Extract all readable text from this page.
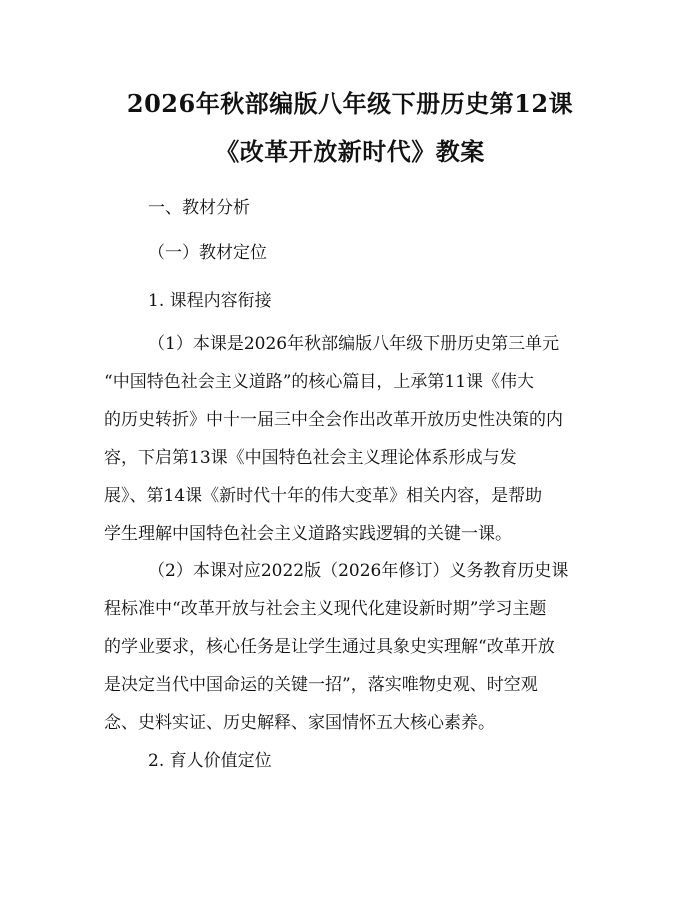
2026年秋部编版八年级下册历史第12课
《改革开放新时代》教案
一、教材分析
（一）教材定位
1. 课程内容衔接
（1）本课是2026年秋部编版八年级下册历史第三单元
“中国特色社会主义道路”的核心篇目，上承第11课《伟大
的历史转折》中十一届三中全会作出改革开放历史性决策的内
容，下启第13课《中国特色社会主义理论体系形成与发
展》、第14课《新时代十年的伟大变革》相关内容，是帮助
学生理解中国特色社会主义道路实践逻辑的关键一课。
（2）本课对应2022版（2026年修订）义务教育历史课
程标准中“改革开放与社会主义现代化建设新时期”学习主题
的学业要求，核心任务是让学生通过具象史实理解“改革开放
是决定当代中国命运的关键一招”，落实唯物史观、时空观
念、史料实证、历史解释、家国情怀五大核心素养。
2. 育人价值定位
